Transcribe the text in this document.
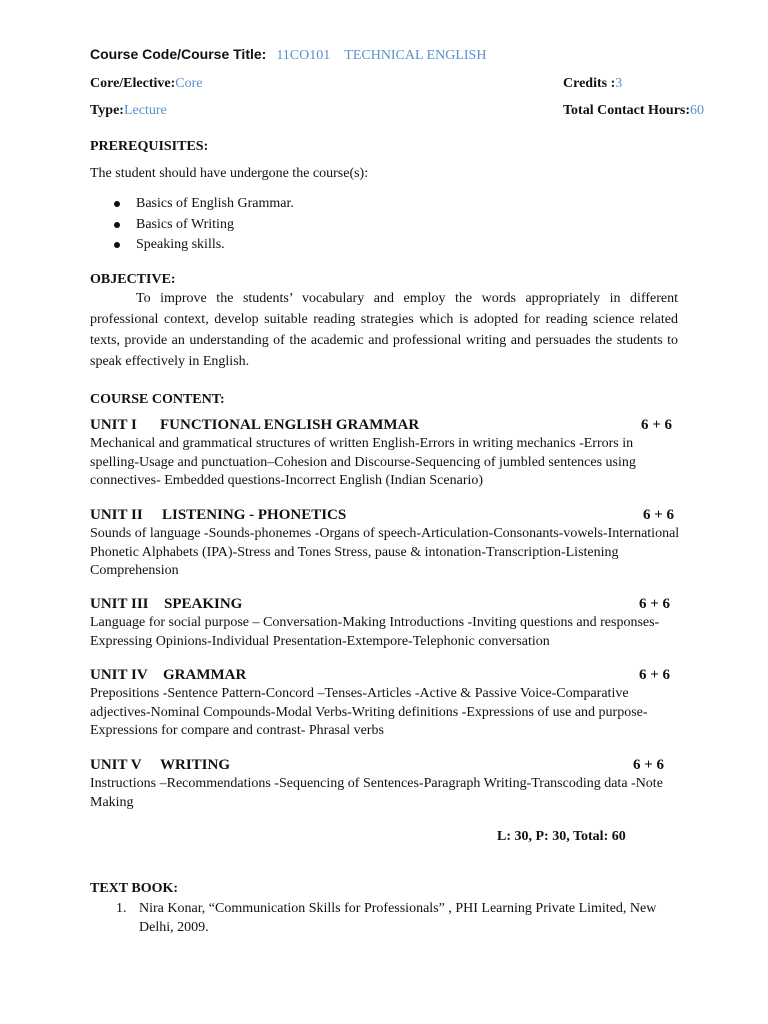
Course Code/Course Title: 11CO101 TECHNICAL ENGLISH
Core/Elective:Core	Credits :3
Type:Lecture	Total Contact Hours:60
PREREQUISITES:
The student should have undergone the course(s):
Basics of English Grammar.
Basics of Writing
Speaking skills.
OBJECTIVE:
To improve the students’ vocabulary and employ the words appropriately in different professional context, develop suitable reading strategies which is adopted for reading science related texts, provide an understanding of the academic and professional writing and persuades the students to speak effectively in English.
COURSE CONTENT:
UNIT I FUNCTIONAL ENGLISH GRAMMAR	6 + 6
Mechanical and grammatical structures of written English-Errors in writing mechanics -Errors in spelling-Usage and punctuation–Cohesion and Discourse-Sequencing of jumbled sentences using connectives- Embedded questions-Incorrect English (Indian Scenario)
UNIT II LISTENING - PHONETICS	6 + 6
Sounds of language -Sounds-phonemes -Organs of speech-Articulation-Consonants-vowels-International Phonetic Alphabets (IPA)-Stress and Tones Stress, pause & intonation-Transcription-Listening Comprehension
UNIT III SPEAKING	6 + 6
Language for social purpose – Conversation-Making Introductions -Inviting questions and responses-Expressing Opinions-Individual Presentation-Extempore-Telephonic conversation
UNIT IV GRAMMAR	6 + 6
Prepositions -Sentence Pattern-Concord –Tenses-Articles -Active & Passive Voice-Comparative adjectives-Nominal Compounds-Modal Verbs-Writing definitions -Expressions of use and purpose-Expressions for compare and contrast- Phrasal verbs
UNIT V WRITING	6 + 6
Instructions –Recommendations -Sequencing of Sentences-Paragraph Writing-Transcoding data -Note Making
L: 30, P: 30, Total: 60
TEXT BOOK:
1. Nira Konar, “Communication Skills for Professionals” , PHI Learning Private Limited, New Delhi, 2009.
